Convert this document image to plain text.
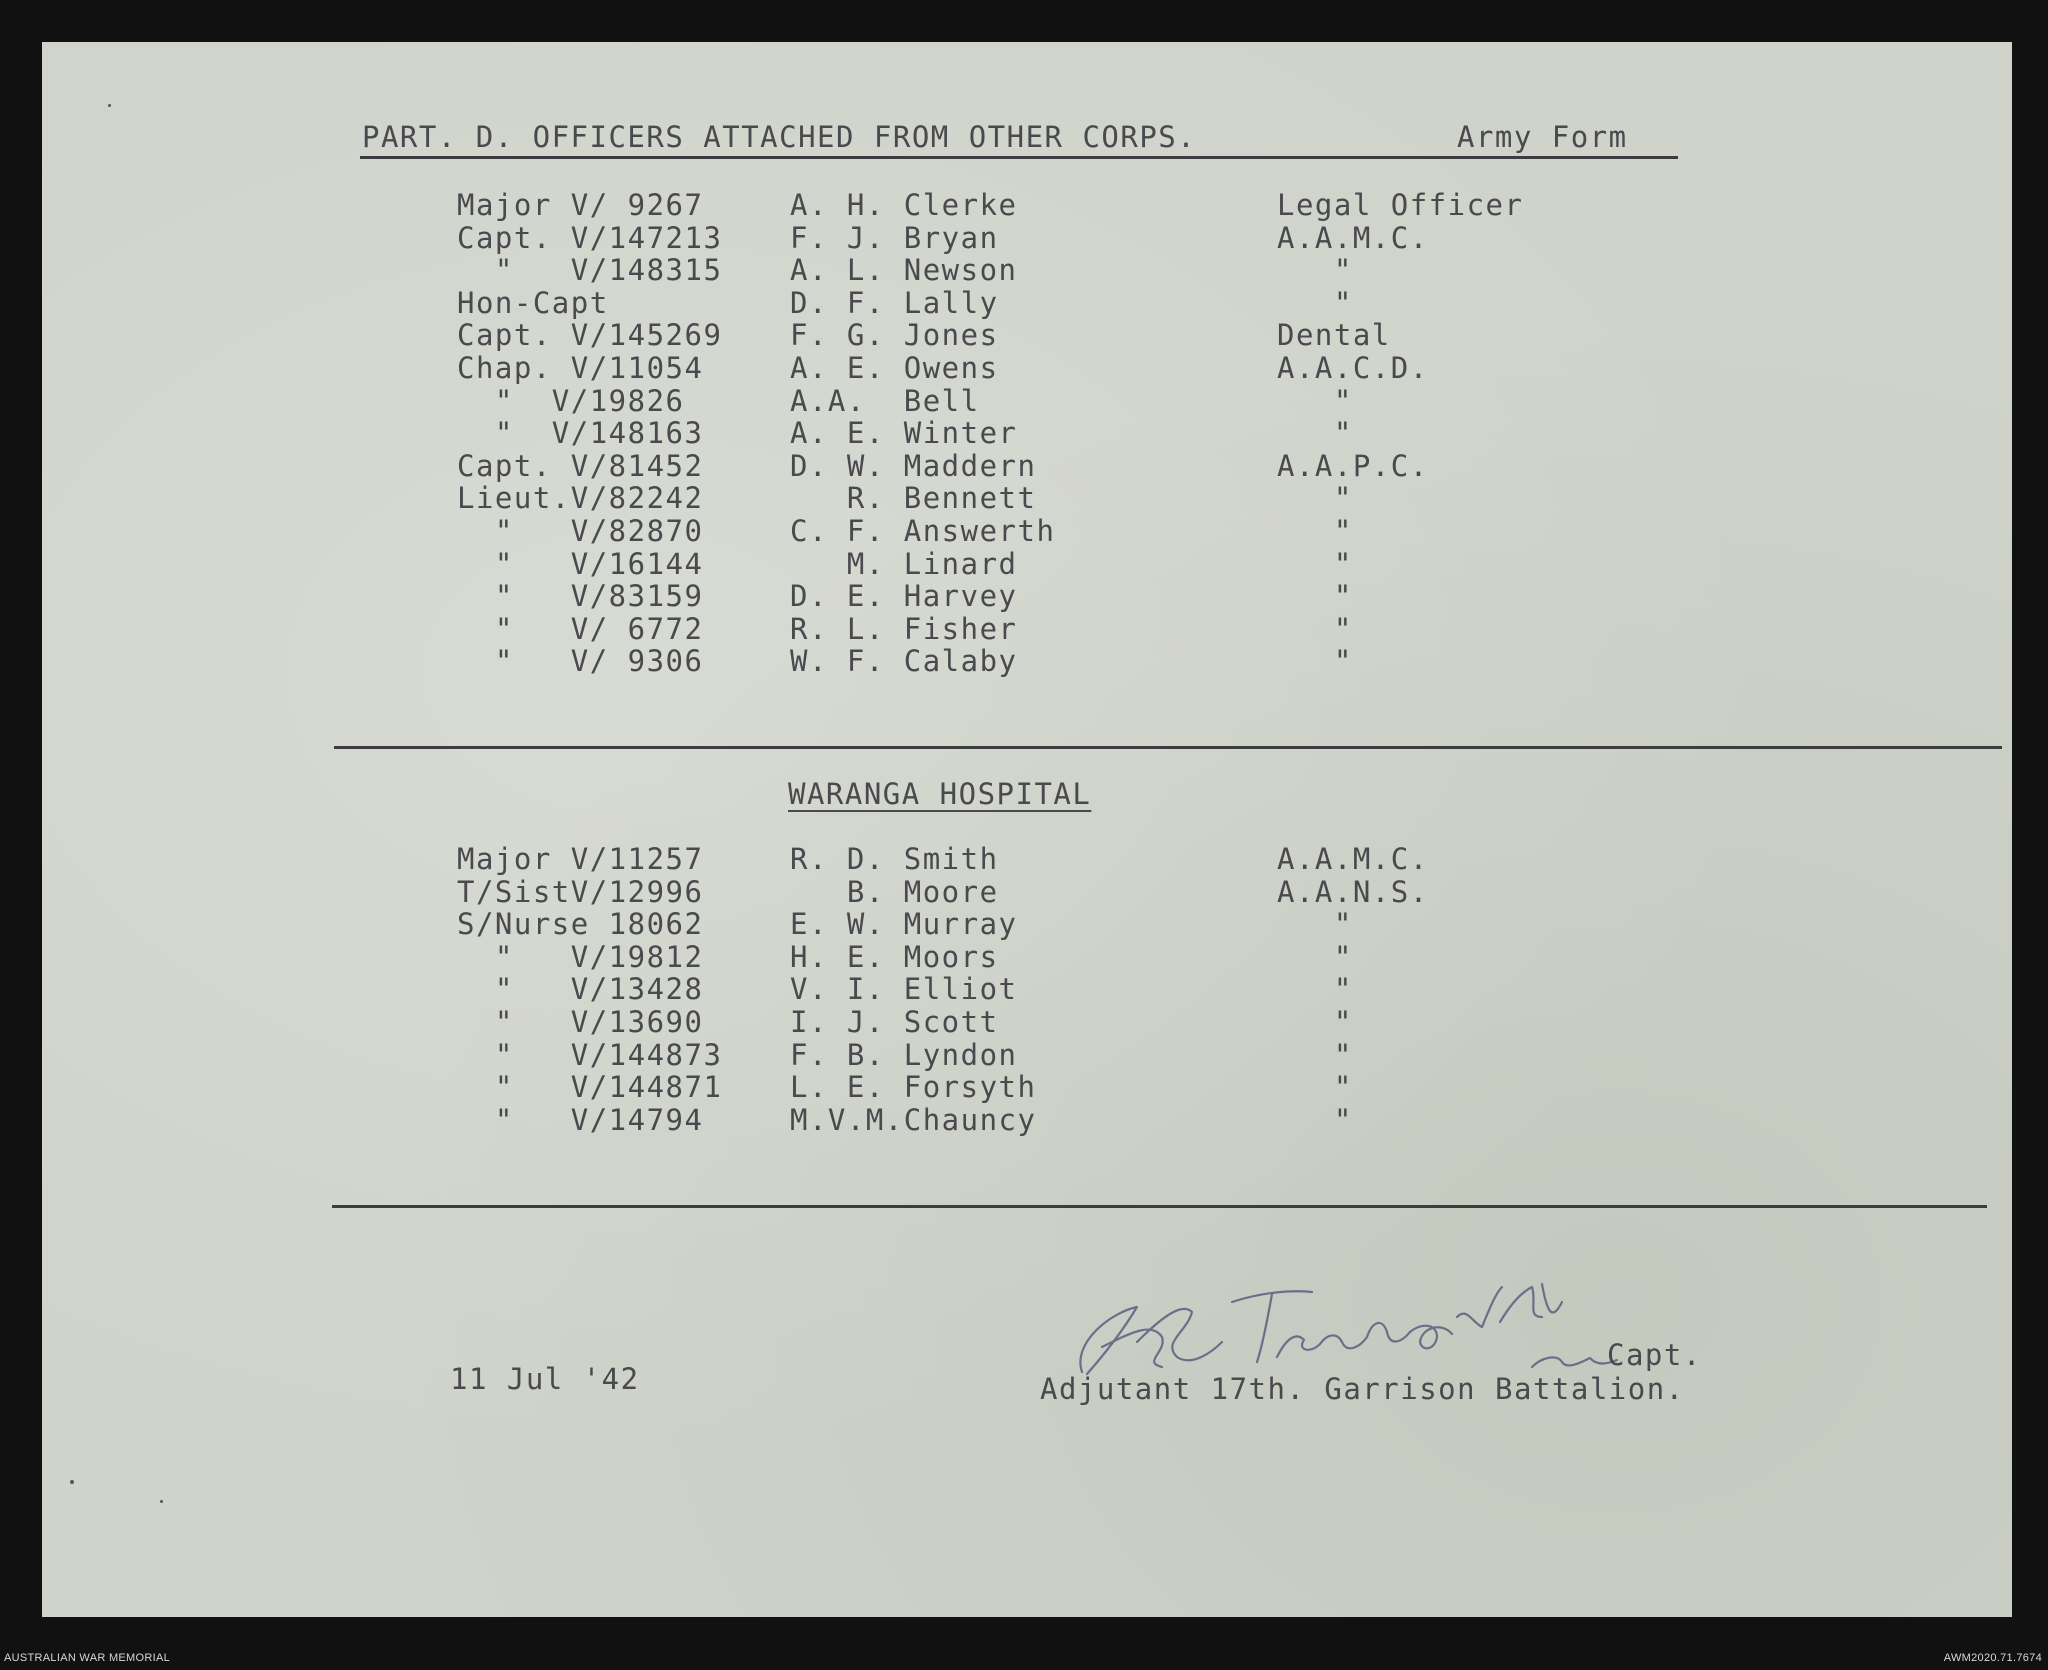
PART. D. OFFICERS ATTACHED FROM OTHER CORPS.	Army Form
Major V/ 9267	A. H. Clerke	Legal Officer
Capt. V/147213 F. J. Bryan	A.A.M.C.
"   V/148315 A. L. Newson	"
Hon-Capt	D. F. Lally	"
Capt. V/145269 F. G. Jones	Dental
Chap. V/11054	A. E. Owens	A.A.C.D.
"  V/19826	A.A.  Bell	"
"  V/148163	A. E. Winter	"
Capt. V/81452	D. W. Maddern	A.A.P.C.
Lieut.V/82242	R. Bennett	"
"   V/82870	C. F. Answerth	"
"   V/16144	M. Linard	"
"   V/83159	D. E. Harvey	"
"   V/ 6772	R. L. Fisher	"
"   V/ 9306	W. F. Calaby	"
WARANGA HOSPITAL
Major V/11257	R. D. Smith	A.A.M.C.
T/SistV/12996	B. Moore	A.A.N.S.
S/Nurse 18062	E. W. Murray	"
"   V/19812	H. E. Moors	"
"   V/13428	V. I. Elliot	"
"   V/13690	I. J. Scott	"
"   V/144873 F. B. Lyndon	"
"   V/144871 L. E. Forsyth	"
"   V/14794	M.V.M.Chauncy	"
Capt.
11 Jul '42	Adjutant 17th. Garrison Battalion.
AUSTRALIAN WAR MEMORIAL	AWM2020.71.7674
